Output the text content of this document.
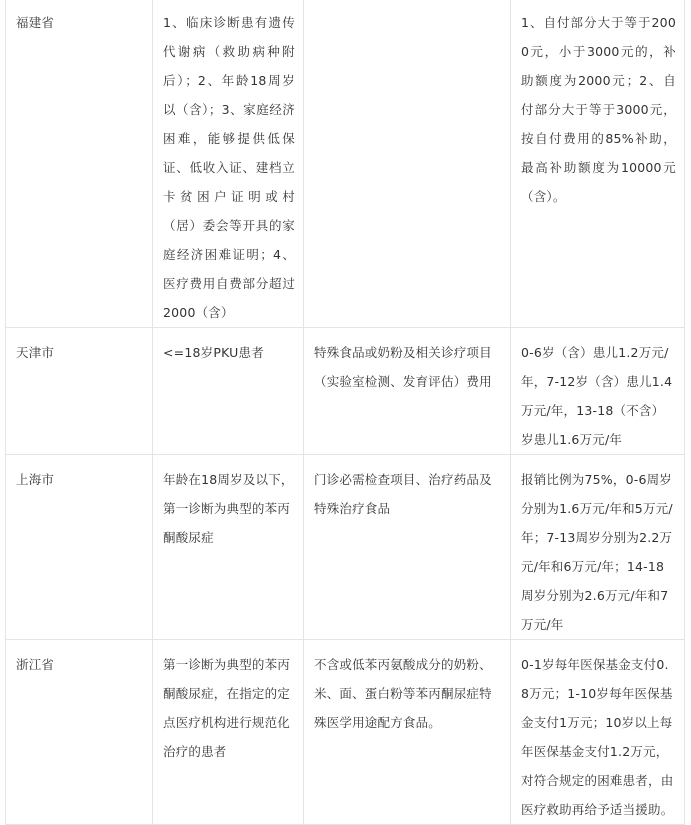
福建省	1、临床诊断患有遗传代谢病（救助病种附后）；2、年龄18周岁以（含）；3、家庭经济困难，能够提供低保证、低收入证、建档立卡贫困户证明或村（居）委会等开具的家庭经济困难证明；4、医疗费用自费部分超过2000（含）		1、自付部分大于等于2000元，小于3000元的，补助额度为2000元；2、自付部分大于等于3000元，按自付费用的85%补助，最高补助额度为10000元（含）。
天津市	<=18岁PKU患者	特殊食品或奶粉及相关诊疗项目（实验室检测、发育评估）费用	0-6岁（含）患儿1.2万元/年，7-12岁（含）患儿1.4万元/年，13-18（不含）岁患儿1.6万元/年
上海市	年龄在18周岁及以下，第一诊断为典型的苯丙酮酸尿症	门诊必需检查项目、治疗药品及特殊治疗食品	报销比例为75%，0-6周岁分别为1.6万元/年和5万元/年；7-13周岁分别为2.2万元/年和6万元/年；14-18周岁分别为2.6万元/年和7万元/年
浙江省	第一诊断为典型的苯丙酮酸尿症，在指定的定点医疗机构进行规范化治疗的患者	不含或低苯丙氨酸成分的奶粉、米、面、蛋白粉等苯丙酮尿症特殊医学用途配方食品。	0-1岁每年医保基金支付0.8万元；1-10岁每年医保基金支付1万元；10岁以上每年医保基金支付1.2万元，对符合规定的困难患者，由医疗救助再给予适当援助。
